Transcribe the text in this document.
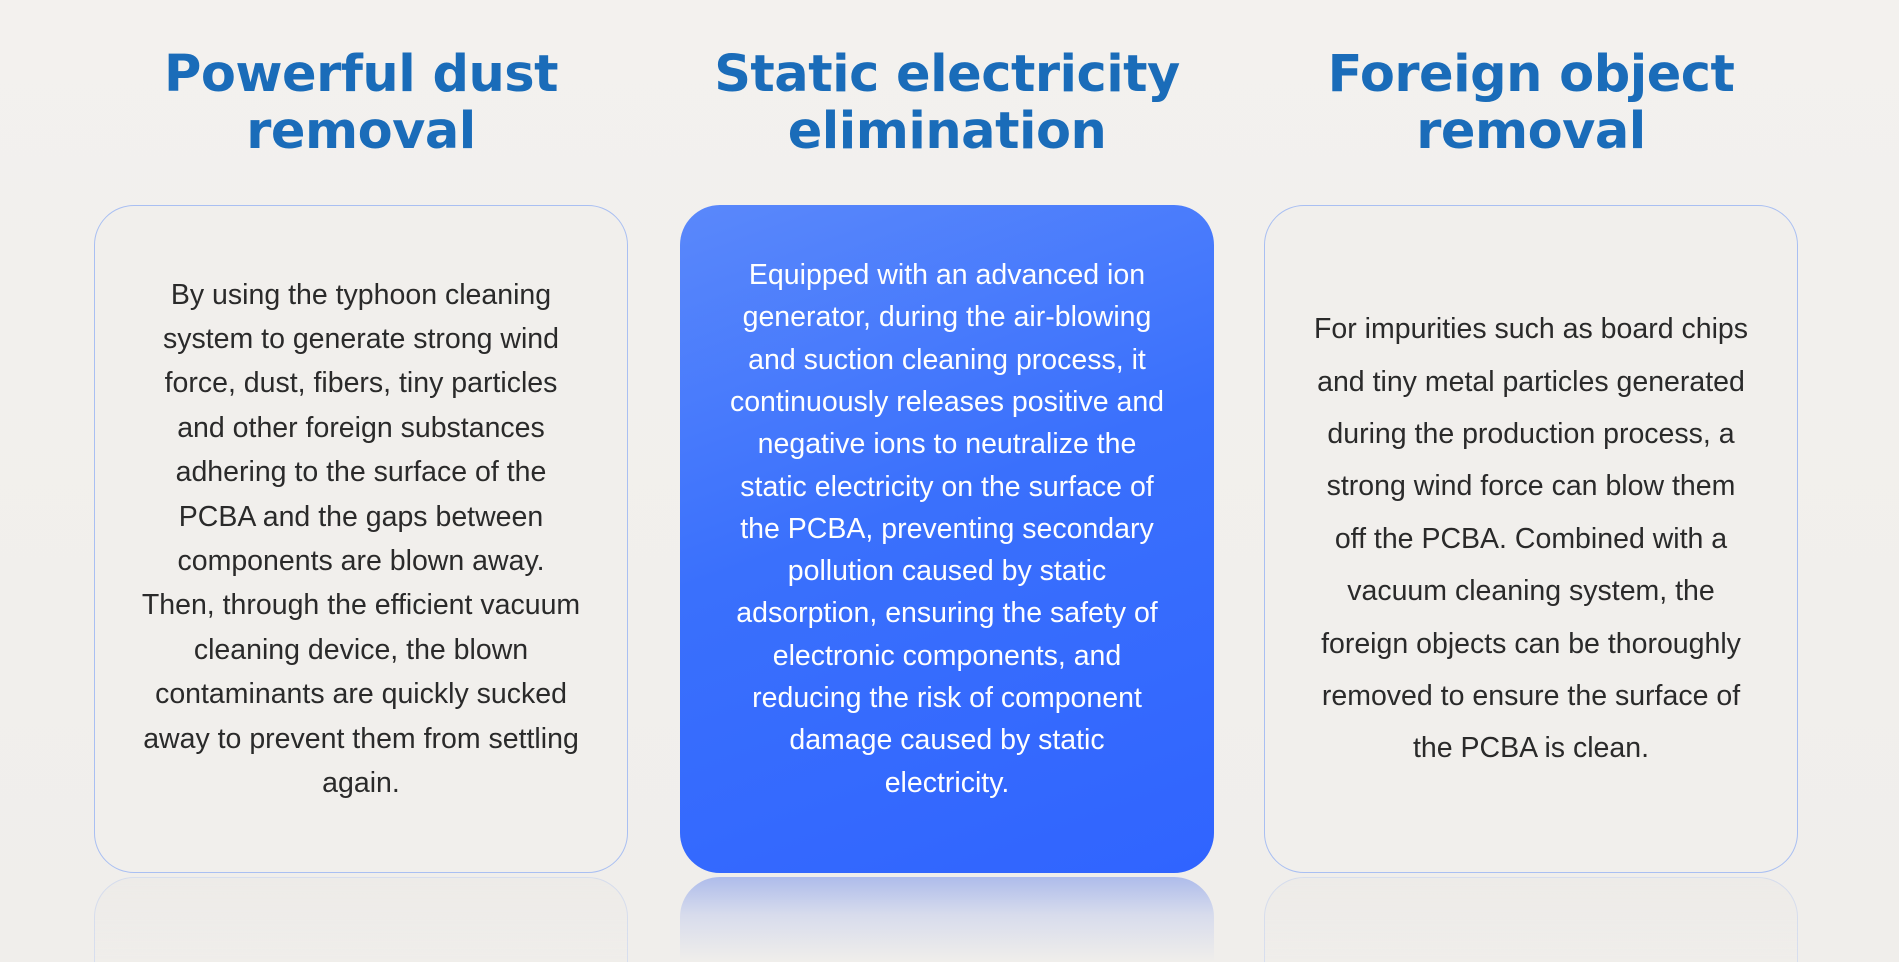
Powerful dust removal

By using the typhoon cleaning system to generate strong wind force, dust, fibers, tiny particles and other foreign substances adhering to the surface of the PCBA and the gaps between components are blown away. Then, through the efficient vacuum cleaning device, the blown contaminants are quickly sucked away to prevent them from settling again.

Static electricity elimination

Equipped with an advanced ion generator, during the air-blowing and suction cleaning process, it continuously releases positive and negative ions to neutralize the static electricity on the surface of the PCBA, preventing secondary pollution caused by static adsorption, ensuring the safety of electronic components, and reducing the risk of component damage caused by static electricity.

Foreign object removal

For impurities such as board chips and tiny metal particles generated during the production process, a strong wind force can blow them off the PCBA. Combined with a vacuum cleaning system, the foreign objects can be thoroughly removed to ensure the surface of the PCBA is clean.
